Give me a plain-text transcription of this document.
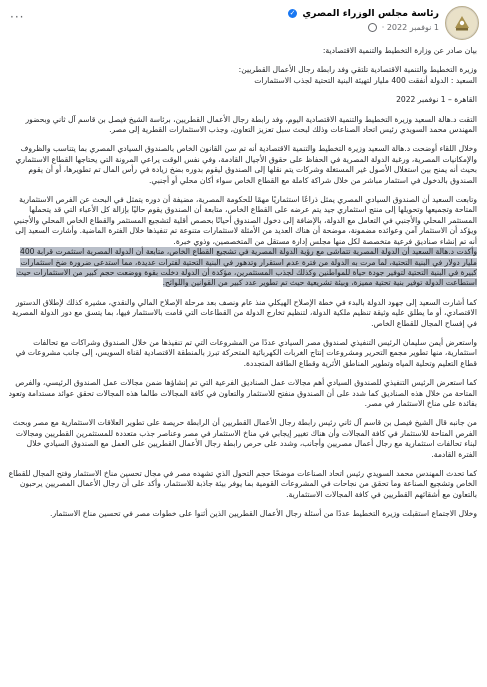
رئاسة مجلس الوزراء المصري ✓
1 نوفمبر 2022 ·
···

بيان صادر عن وزارة التخطيط والتنمية الاقتصادية:

وزيرة التخطيط والتنمية الاقتصادية تلتقي وفد رابطة رجال الأعمال القطريين:

السعيد : الدولة أنفقت 400 مليار لتهيئة البنية التحتية لجذب الاستثمارات

القاهرة – 1 نوفمبر 2022

التقت د.هالة السعيد وزيرة التخطيط والتنمية الاقتصادية اليوم، وفد رابطة رجال الأعمال القطريين، برئاسة الشيخ فيصل بن قاسم آل ثاني وبحضور المهندس محمد السويدي رئيس اتحاد الصناعات وذلك لبحث سبل تعزيز التعاون، وجذب الاستثمارات القطرية إلى مصر.

وخلال اللقاء أوضحت د.هالة السعيد وزيرة التخطيط والتنمية الاقتصادية أنه تم سن القانون الخاص بالصندوق السيادي المصري بما يتناسب والظروف والإمكانيات المصرية، ورغبة الدولة المصرية في الحفاظ على حقوق الأجيال القادمة، وفي نفس الوقت يراعي المرونة التي يحتاجها القطاع الاستثماري بحيث أنه يمنح بين استغلال الأصول غير المستغلة وشركات يتم نقلها إلى الصندوق ليقوم بدوره بضخ زيادة في رأس المال تم تطويرها، أو أن يقوم الصندوق بالدخول في استثمار مباشر من خلال شراكة كاملة مع القطاع الخاص سواء أكان محلي أو أجنبي.

وتابعت السعيد أن الصندوق السيادي المصري يمثل ذراعًا استثماريًا مهمًا للحكومة المصرية، مضيفة أن دوره يتمثل في البحث عن الفرص الاستثمارية المتاحة وتجميعها وتحويلها إلى منتج استثماري جيد يتم عرضه على القطاع الخاص، متابعة أن الصندوق يقوم حاليًا بإزالة كل الأعباء التي قد يتحملها المستثمر المحلي والأجنبي في التعامل مع الدولة، بالإضافة إلى دخول الصندوق أحيانًا بحصص أقلية لتشجيع المستثمر والقطاع الخاص المحلي والأجنبي ويؤكد أن الاستثمار آمن وعوائده مضمونة، موضحة أن هناك العديد من الأمثلة لاستثمارات متنوعة تم تنفيذها خلال الفترة الماضية. وأشارت السعيد إلى أنه تم إنشاء صناديق فرعية متخصصة لكل منها مجلس إدارة مستقل من المتخصصين، وذوي خبرة.

وأكدت د.هالة السعيد أن الدولة المصرية تتماشى مع رؤية الدولة المصرية في تشجيع القطاع الخاص، متابعة أن الدولة المصرية استثمرت قرابة 400 مليار دولار في البنية التحتية، لما مرت به الدولة من فترة عدم استقرار وتدهور في البنية التحتية لفترات عديدة، مما استدعى ضرورة ضخ استثمارات كبيرة في البنية التحتية لتوفير جودة حياة للمواطنين وكذلك لجذب المستثمرين، مؤكدة أن الدولة دخلت بقوة ووضعت حجم كبير من الاستثمارات حيث استطاعت الدولة توفير بنية تحتية مميزة، وبيئة تشريعية حيث تم تطوير عدد كبير من القوانين واللوائح.

كما أشارت السعيد إلى جهود الدولة بالبدء في خطة الإصلاح الهيكلي منذ عام ونصف بعد مرحلة الإصلاح المالي والنقدي، مشيرة كذلك لإطلاق الدستور الاقتصادي، أو ما يطلق عليه وثيقة تنظيم ملكية الدولة، لتنظيم تخارج الدولة من القطاعات التي قامت بالاستثمار فيها، بما يتسق مع دور الدولة المصرية في إفساح المجال للقطاع الخاص.

واستعرض أيمن سليمان الرئيس التنفيذي لصندوق مصر السيادي عددًا من المشروعات التي تم تنفيذها من خلال الصندوق وشراكات مع تحالفات استثمارية، منها تطوير مجمع التحرير ومشروعات إنتاج الغربات الكهربائية المتحركة تبرز بالمنطقة الاقتصادية لقناة السويس، إلى جانب مشروعات في قطاع التعليم وتحلية المياه وتطوير المناطق الأثرية وقطاع الطاقة المتجددة.

كما استعرض الرئيس التنفيذي للصندوق السيادي أهم مجالات عمل الصناديق الفرعية التي تم إنشاؤها ضمن مجالات عمل الصندوق الرئيسي، والفرص المتاحة من خلال هذه الصناديق كما شدد على أن الصندوق منفتح للاستثمار والتعاون في كافة المجالات طالما هذه المجالات تحقق عوائد مستدامة وتعود بفائدة على مناخ الاستثمار في مصر.

من جانبه قال الشيخ فيصل بن قاسم آل ثاني رئيس رابطة رجال الأعمال القطريين أن الرابطة حريصة على تطوير العلاقات الاستثمارية مع مصر وبحث الفرص المتاحة للاستثمار في كافة المجالات وأن هناك تغيير إيجابي في مناخ الاستثمار في مصر وعناصر جذب متعددة للمستثمرين القطريين ومجالات لبناء تحالفات استثمارية مع رجال أعمال مصريين وأجانب، وشدد على حرص رابطة رجال الأعمال القطريين على العمل مع الصندوق السيادي خلال الفترة القادمة.

كما تحدث المهندس محمد السويدي رئيس اتحاد الصناعات موضحًا حجم التحول الذي تشهده مصر في مجال تحسين مناخ الاستثمار وفتح المجال للقطاع الخاص وتشجيع الصناعة وما تحقق من نجاحات في المشروعات القومية بما يوفر بيئة جاذبة للاستثمار، وأكد على أن رجال الأعمال المصريين يرحبون بالتعاون مع أشقائهم القطريين في كافة المجالات الاستثمارية.

وخلال الاجتماع استقبلت وزيرة التخطيط عددًا من أسئلة رجال الأعمال القطريين الذين أثنوا على خطوات مصر في تحسين مناخ الاستثمار.
